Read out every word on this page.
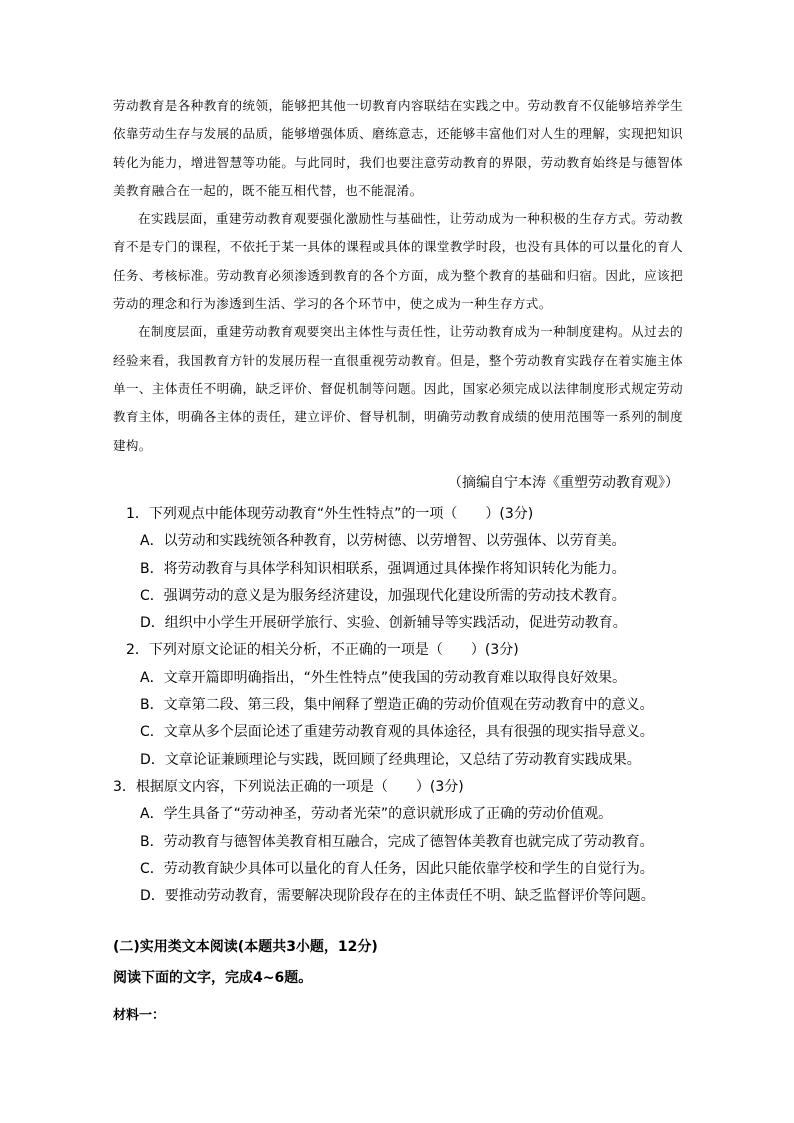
劳动教育是各种教育的统领，能够把其他一切教育内容联结在实践之中。劳动教育不仅能够培养学生依靠劳动生存与发展的品质，能够增强体质、磨练意志，还能够丰富他们对人生的理解，实现把知识转化为能力，增进智慧等功能。与此同时，我们也要注意劳动教育的界限，劳动教育始终是与德智体美教育融合在一起的，既不能互相代替，也不能混淆。

在实践层面，重建劳动教育观要强化激励性与基础性，让劳动成为一种积极的生存方式。劳动教育不是专门的课程，不依托于某一具体的课程或具体的课堂教学时段，也没有具体的可以量化的育人任务、考核标准。劳动教育必须渗透到教育的各个方面，成为整个教育的基础和归宿。因此，应该把劳动的理念和行为渗透到生活、学习的各个环节中，使之成为一种生存方式。

在制度层面，重建劳动教育观要突出主体性与责任性，让劳动教育成为一种制度建构。从过去的经验来看，我国教育方针的发展历程一直很重视劳动教育。但是，整个劳动教育实践存在着实施主体单一、主体责任不明确，缺乏评价、督促机制等问题。因此，国家必须完成以法律制度形式规定劳动教育主体，明确各主体的责任，建立评价、督导机制，明确劳动教育成绩的使用范围等一系列的制度建构。

（摘编自宁本涛《重塑劳动教育观》）
1．下列观点中能体现劳动教育“外生性特点”的一项（　　）(3分)
A．以劳动和实践统领各种教育，以劳树德、以劳增智、以劳强体、以劳育美。
B．将劳动教育与具体学科知识相联系，强调通过具体操作将知识转化为能力。
C．强调劳动的意义是为服务经济建设，加强现代化建设所需的劳动技术教育。
D．组织中小学生开展研学旅行、实验、创新辅导等实践活动，促进劳动教育。
2．下列对原文论证的相关分析，不正确的一项是（　　）(3分)
A．文章开篇即明确指出，“外生性特点”使我国的劳动教育难以取得良好效果。
B．文章第二段、第三段，集中阐释了塑造正确的劳动价值观在劳动教育中的意义。
C．文章从多个层面论述了重建劳动教育观的具体途径，具有很强的现实指导意义。
D．文章论证兼顾理论与实践，既回顾了经典理论，又总结了劳动教育实践成果。
3．根据原文内容，下列说法正确的一项是（　　）(3分)
A．学生具备了“劳动神圣，劳动者光荣”的意识就形成了正确的劳动价值观。
B．劳动教育与德智体美教育相互融合，完成了德智体美教育也就完成了劳动教育。
C．劳动教育缺少具体可以量化的育人任务，因此只能依靠学校和学生的自觉行为。
D．要推动劳动教育，需要解决现阶段存在的主体责任不明、缺乏监督评价等问题。
(二)实用类文本阅读(本题共3小题，12分)
阅读下面的文字，完成4~6题。
材料一：
